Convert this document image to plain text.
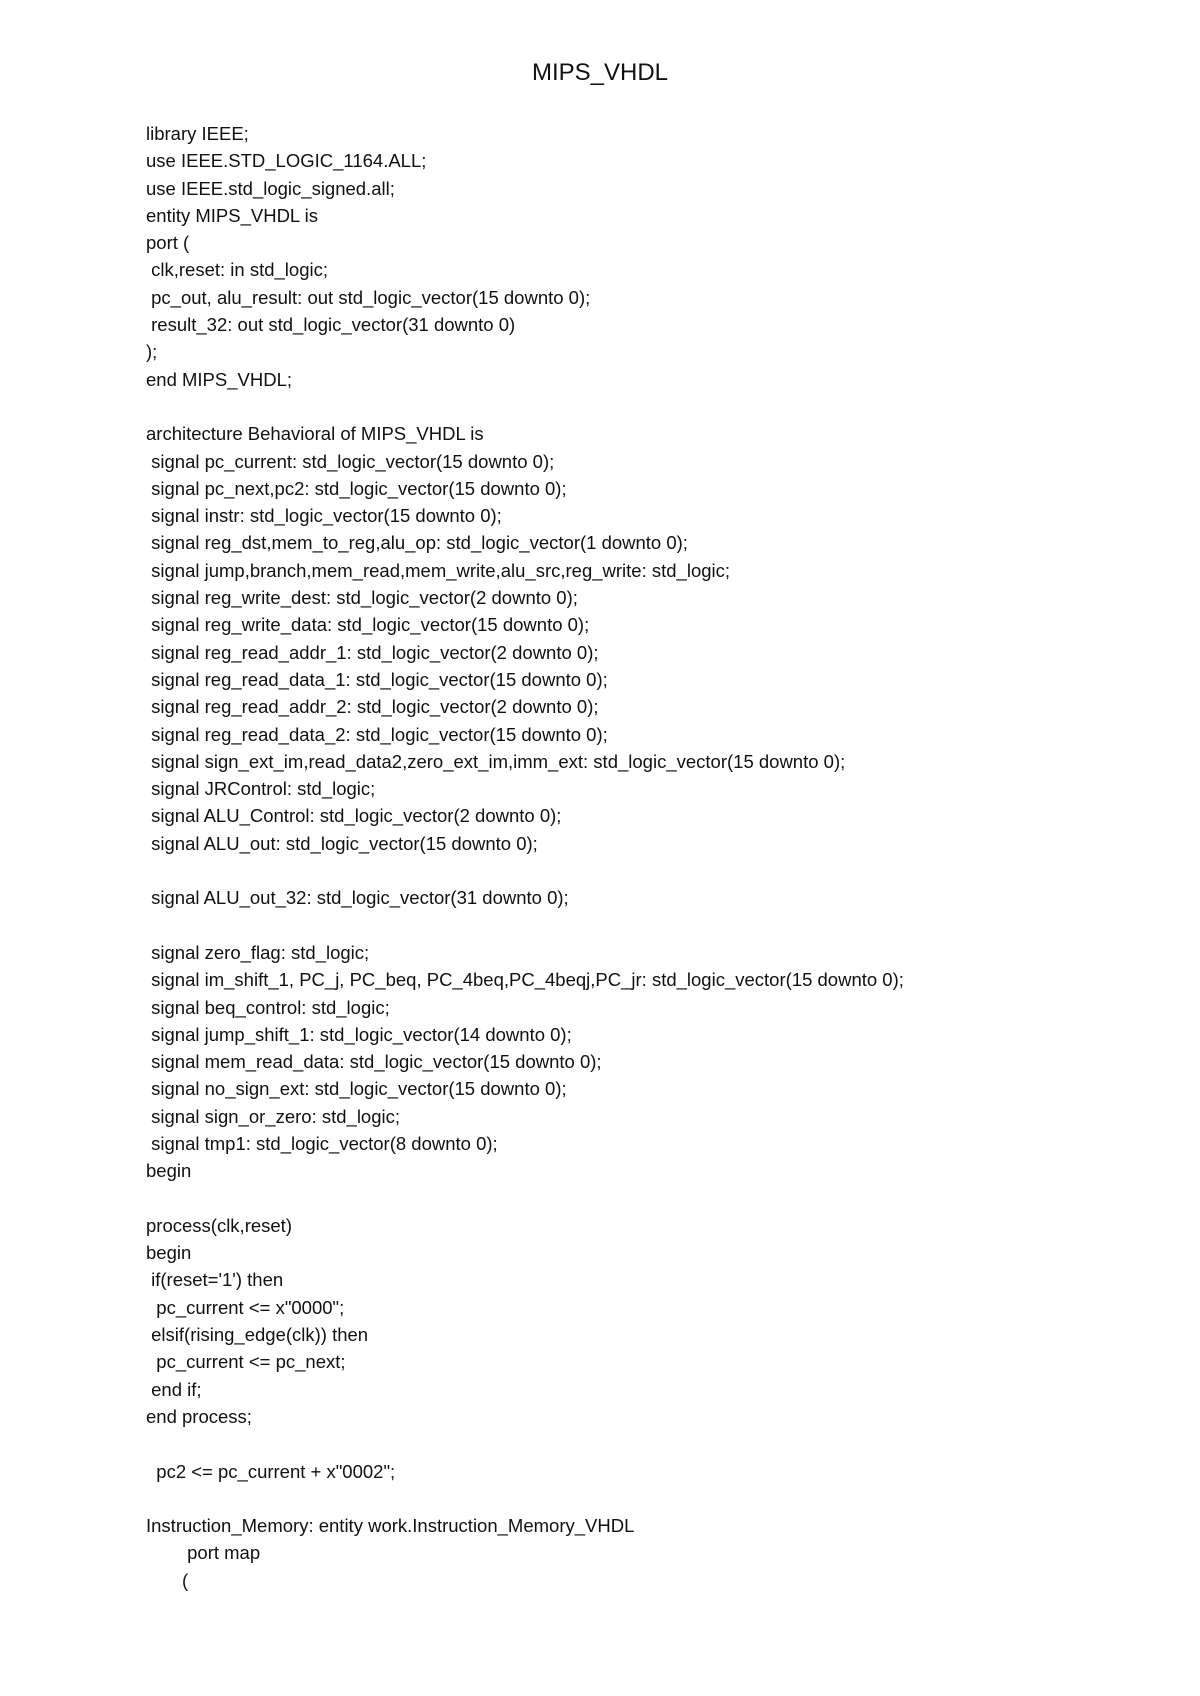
MIPS_VHDL
library IEEE;
use IEEE.STD_LOGIC_1164.ALL;
use IEEE.std_logic_signed.all;
entity MIPS_VHDL is
port (
clk,reset: in std_logic;
pc_out, alu_result: out std_logic_vector(15 downto 0);
result_32: out std_logic_vector(31 downto 0)
);
end MIPS_VHDL;
architecture Behavioral of MIPS_VHDL is
signal pc_current: std_logic_vector(15 downto 0);
signal pc_next,pc2: std_logic_vector(15 downto 0);
signal instr: std_logic_vector(15 downto 0);
signal reg_dst,mem_to_reg,alu_op: std_logic_vector(1 downto 0);
signal jump,branch,mem_read,mem_write,alu_src,reg_write: std_logic;
signal reg_write_dest: std_logic_vector(2 downto 0);
signal reg_write_data: std_logic_vector(15 downto 0);
signal reg_read_addr_1: std_logic_vector(2 downto 0);
signal reg_read_data_1: std_logic_vector(15 downto 0);
signal reg_read_addr_2: std_logic_vector(2 downto 0);
signal reg_read_data_2: std_logic_vector(15 downto 0);
signal sign_ext_im,read_data2,zero_ext_im,imm_ext: std_logic_vector(15 downto 0);
signal JRControl: std_logic;
signal ALU_Control: std_logic_vector(2 downto 0);
signal ALU_out: std_logic_vector(15 downto 0);
signal ALU_out_32: std_logic_vector(31 downto 0);
signal zero_flag: std_logic;
signal im_shift_1, PC_j, PC_beq, PC_4beq,PC_4beqj,PC_jr: std_logic_vector(15 downto 0);
signal beq_control: std_logic;
signal jump_shift_1: std_logic_vector(14 downto 0);
signal mem_read_data: std_logic_vector(15 downto 0);
signal no_sign_ext: std_logic_vector(15 downto 0);
signal sign_or_zero: std_logic;
signal tmp1: std_logic_vector(8 downto 0);
begin
process(clk,reset)
begin
if(reset='1') then
pc_current <= x"0000";
elsif(rising_edge(clk)) then
pc_current <= pc_next;
end if;
end process;
pc2 <= pc_current + x"0002";
Instruction_Memory: entity work.Instruction_Memory_VHDL
port map
(
